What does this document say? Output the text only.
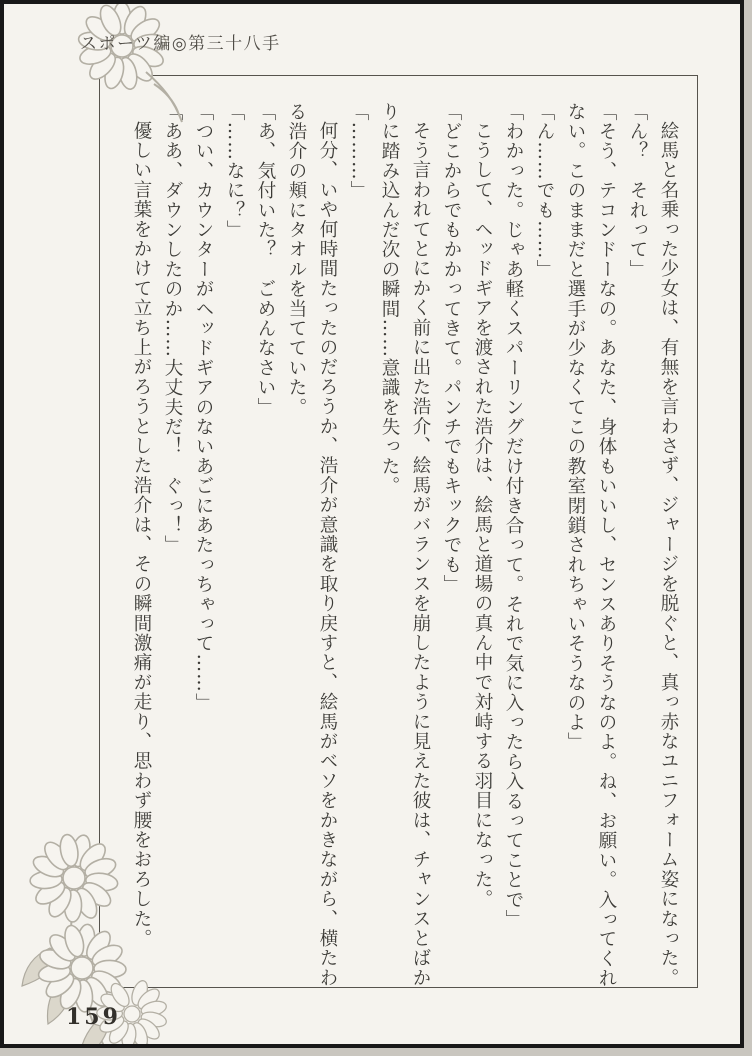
スポーツ編◎第三十八手

絵馬と名乗った少女は、有無を言わさず、ジャージを脱ぐと、真っ赤なユニフォーム姿になった。

「ん？　それって」

「そう、テコンドーなの。あなた、身体もいいし、センスありそうなのよ。ね、お願い。入ってくれない。このままだと選手が少なくてこの教室閉鎖されちゃいそうなのよ」

「ん……でも……」

「わかった。じゃあ軽くスパーリングだけ付き合って。それで気に入ったら入るってことで」

こうして、ヘッドギアを渡された浩介は、絵馬と道場の真ん中で対峙する羽目になった。

「どこからでもかかってきて。パンチでもキックでも」

そう言われてとにかく前に出た浩介、絵馬がバランスを崩したように見えた彼は、チャンスとばかりに踏み込んだ次の瞬間……意識を失った。

「………」

何分、いや何時間たったのだろうか、浩介が意識を取り戻すと、絵馬がベソをかきながら、横たわる浩介の頬にタオルを当てていた。

「あ、気付いた？　ごめんなさい」

「……なに？」

「つい、カウンターがヘッドギアのないあごにあたっちゃって……」

「ああ、ダウンしたのか……大丈夫だ！　ぐっ！」

優しい言葉をかけて立ち上がろうとした浩介は、その瞬間激痛が走り、思わず腰をおろした。

159
